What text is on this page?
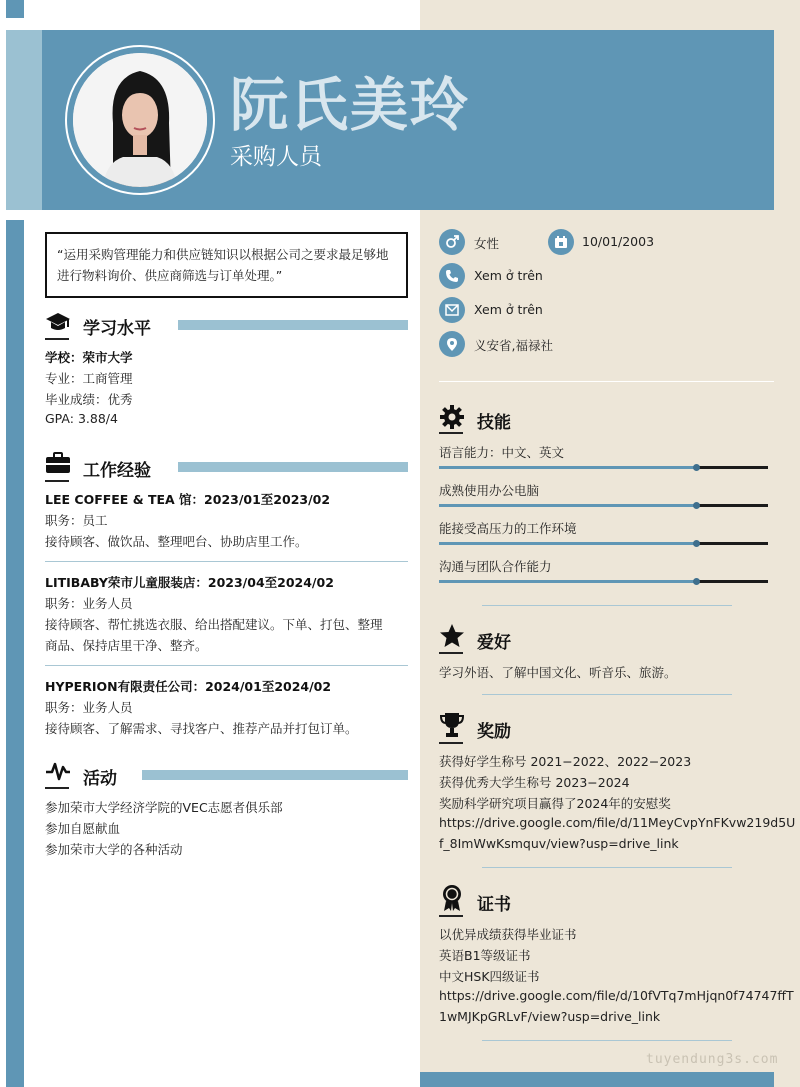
阮氏美玲
采购人员
“运用采购管理能力和供应链知识以根据公司之要求最足够地进行物料询价、供应商筛选与订单处理。”
学习水平
学校：荣市大学
专业：工商管理
毕业成绩：优秀
GPA: 3.88/4
工作经验
LEE COFFEE & TEA 馆：2023/01至2023/02
职务：员工
接待顾客、做饮品、整理吧台、协助店里工作。
LITIBABY荣市儿童服装店：2023/04至2024/02
职务：业务人员
接待顾客、帮忙挑选衣服、给出搭配建议。下单、打包、整理
商品、保持店里干净、整齐。
HYPERION有限责任公司：2024/01至2024/02
职务：业务人员
接待顾客、了解需求、寻找客户、推荐产品并打包订单。
活动
参加荣市大学经济学院的VEC志愿者俱乐部
参加自愿献血
参加荣市大学的各种活动
女性	10/01/2003
Xem ở trên
Xem ở trên
义安省,福禄社
技能
语言能力：中文、英文
成熟使用办公电脑
能接受高压力的工作环境
沟通与团队合作能力
爱好
学习外语、了解中国文化、听音乐、旅游。
奖励
获得好学生称号 2021−2022、2022−2023
获得优秀大学生称号 2023−2024
奖励科学研究项目赢得了2024年的安慰奖
https://drive.google.com/file/d/11MeyCvpYnFKvw219d5U
f_8ImWwKsmquv/view?usp=drive_link
证书
以优异成绩获得毕业证书
英语B1等级证书
中文HSK四级证书
https://drive.google.com/file/d/10fVTq7mHjqn0f74747ffT
1wMJKpGRLvF/view?usp=drive_link
tuyendung3s.com
